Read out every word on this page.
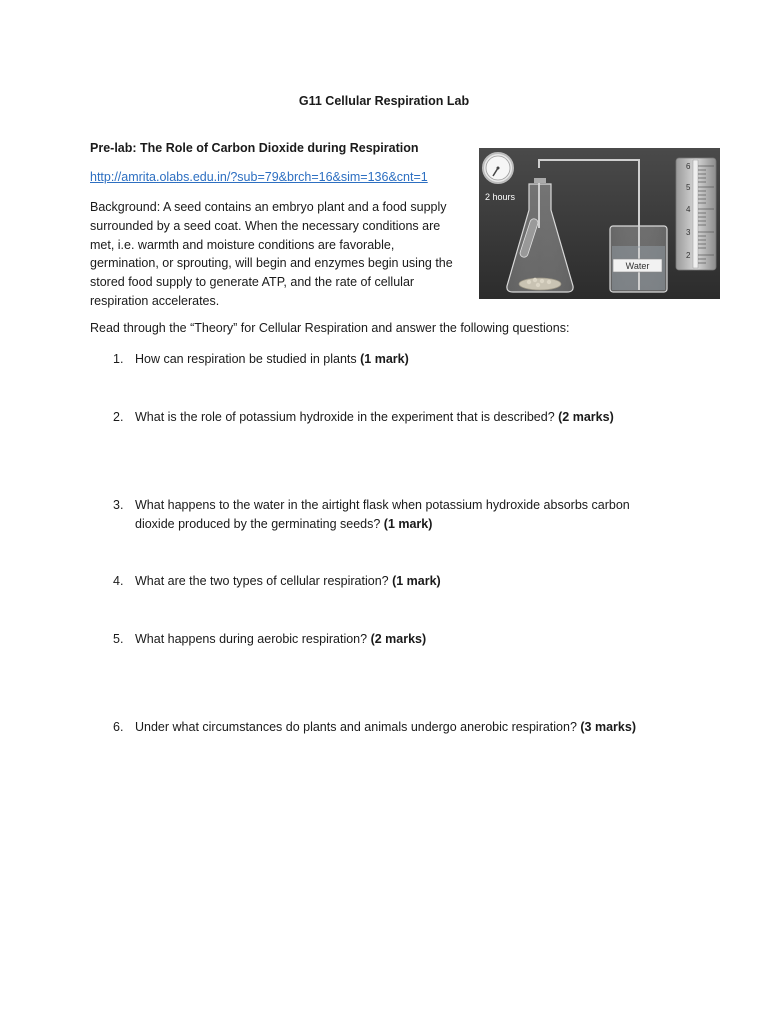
G11 Cellular Respiration Lab
Pre-lab: The Role of Carbon Dioxide during Respiration
http://amrita.olabs.edu.in/?sub=79&brch=16&sim=136&cnt=1
Background: A seed contains an embryo plant and a food supply
surrounded by a seed coat. When the necessary conditions are
met, i.e. warmth and moisture conditions are favorable,
germination, or sprouting, will begin and enzymes begin using the
stored food supply to generate ATP, and the rate of cellular
respiration accelerates.
2 hours
Water
6
5
4
3
2
Read through the “Theory” for Cellular Respiration and answer the following questions:
1. How can respiration be studied in plants (1 mark)
2. What is the role of potassium hydroxide in the experiment that is described? (2 marks)
3. What happens to the water in the airtight flask when potassium hydroxide absorbs carbon
dioxide produced by the germinating seeds? (1 mark)
4. What are the two types of cellular respiration? (1 mark)
5. What happens during aerobic respiration? (2 marks)
6. Under what circumstances do plants and animals undergo anerobic respiration? (3 marks)
